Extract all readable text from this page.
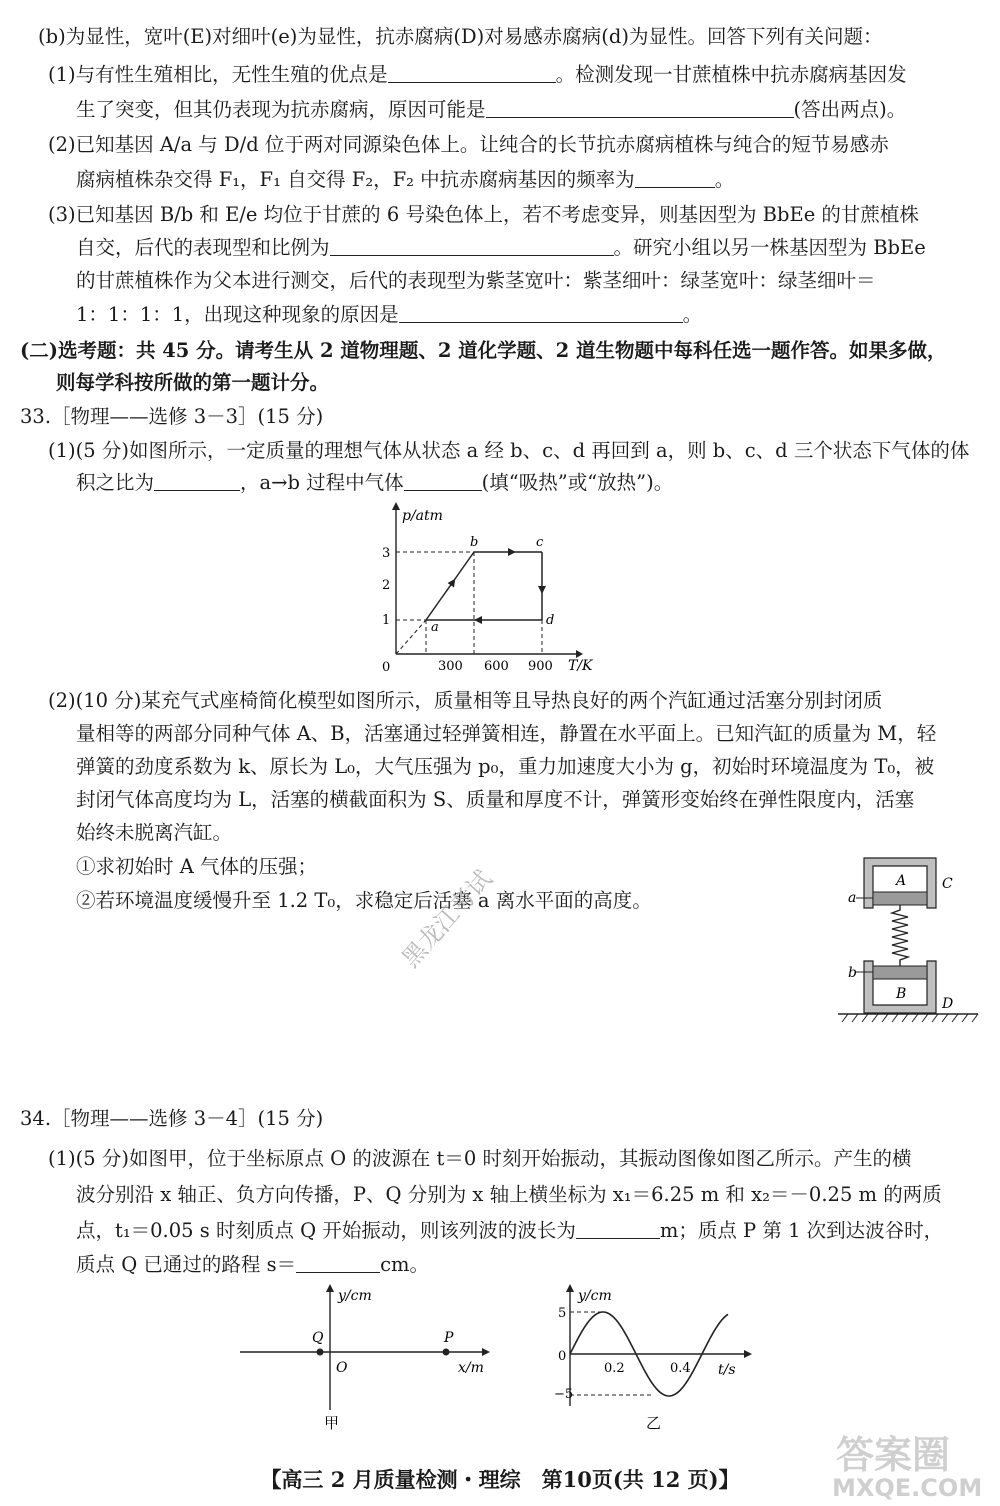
(b)为显性，宽叶(E)对细叶(e)为显性，抗赤腐病(D)对易感赤腐病(d)为显性。回答下列有关问题：
(1)与有性生殖相比，无性生殖的优点是	。检测发现一甘蔗植株中抗赤腐病基因发
生了突变，但其仍表现为抗赤腐病，原因可能是	(答出两点)。
(2)已知基因 A/a 与 D/d 位于两对同源染色体上。让纯合的长节抗赤腐病植株与纯合的短节易感赤
腐病植株杂交得 F₁，F₁ 自交得 F₂，F₂ 中抗赤腐病基因的频率为	。
(3)已知基因 B/b 和 E/e 均位于甘蔗的 6 号染色体上，若不考虑变异，则基因型为 BbEe 的甘蔗植株
自交，后代的表现型和比例为	。研究小组以另一株基因型为 BbEe
的甘蔗植株作为父本进行测交，后代的表现型为紫茎宽叶：紫茎细叶：绿茎宽叶：绿茎细叶＝
1：1：1：1，出现这种现象的原因是	。
(二)选考题：共 45 分。请考生从 2 道物理题、2 道化学题、2 道生物题中每科任选一题作答。如果多做，
则每学科按所做的第一题计分。
33.［物理——选修 3－3］(15 分)
(1)(5 分)如图所示，一定质量的理想气体从状态 a 经 b、c、d 再回到 a，则 b、c、d 三个状态下气体的体
积之比为	，a→b 过程中气体	(填“吸热”或“放热”)。
p/atm
T/K
0
1
2
3
300 600 900
a
b	c
d
(2)(10 分)某充气式座椅简化模型如图所示，质量相等且导热良好的两个汽缸通过活塞分别封闭质
量相等的两部分同种气体 A、B，活塞通过轻弹簧相连，静置在水平面上。已知汽缸的质量为 M，轻
弹簧的劲度系数为 k、原长为 L₀，大气压强为 p₀，重力加速度大小为 g，初始时环境温度为 T₀，被
封闭气体高度均为 L，活塞的横截面积为 S、质量和厚度不计，弹簧形变始终在弹性限度内，活塞
始终未脱离汽缸。
①求初始时 A 气体的压强；
②若环境温度缓慢升至 1.2 T₀，求稳定后活塞 a 离水平面的高度。
A	C
a
B
D
b
34.［物理——选修 3－4］(15 分)
(1)(5 分)如图甲，位于坐标原点 O 的波源在 t＝0 时刻开始振动，其振动图像如图乙所示。产生的横
波分别沿 x 轴正、负方向传播，P、Q 分别为 x 轴上横坐标为 x₁＝6.25 m 和 x₂＝－0.25 m 的两质
点，t₁＝0.05 s 时刻质点 Q 开始振动，则该列波的波长为	m；质点 P 第 1 次到达波谷时，
质点 Q 已通过的路程 s＝	cm。
y/cm
x/m
Q	P
O
甲
y/cm
t/s
5
−5
0
0.2	0.4
乙
【高三 2 月质量检测・理综　第10页(共 12 页)】
黑龙江考试
答案圈
MXQE.COM
